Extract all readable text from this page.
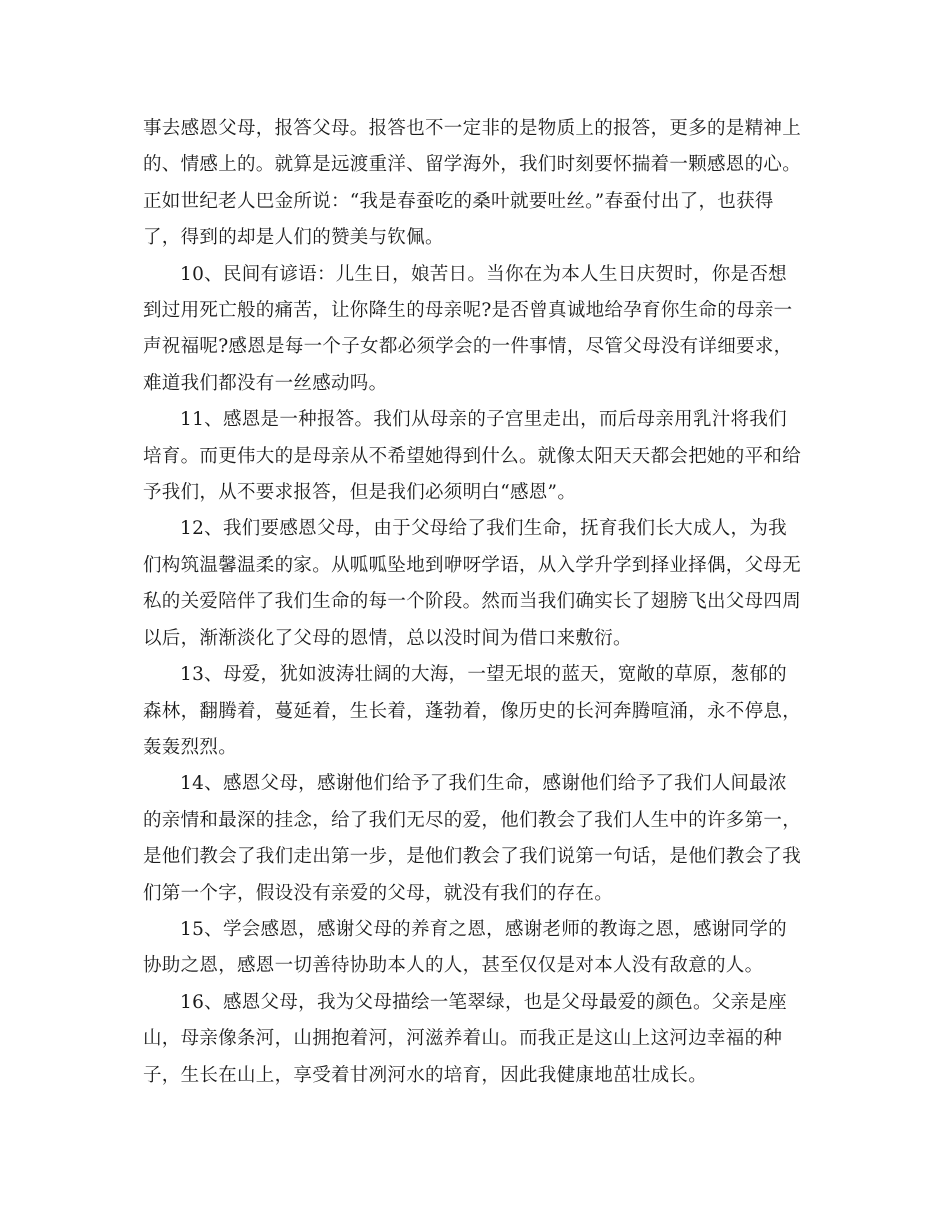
事去感恩父母，报答父母。报答也不一定非的是物质上的报答，更多的是精神上的、情感上的。就算是远渡重洋、留学海外，我们时刻要怀揣着一颗感恩的心。正如世纪老人巴金所说：“我是春蚕吃的桑叶就要吐丝。”春蚕付出了，也获得了，得到的却是人们的赞美与钦佩。

10、民间有谚语：儿生日，娘苦日。当你在为本人生日庆贺时，你是否想到过用死亡般的痛苦，让你降生的母亲呢?是否曾真诚地给孕育你生命的母亲一声祝福呢?感恩是每一个子女都必须学会的一件事情，尽管父母没有详细要求，难道我们都没有一丝感动吗。

11、感恩是一种报答。我们从母亲的子宫里走出，而后母亲用乳汁将我们培育。而更伟大的是母亲从不希望她得到什么。就像太阳天天都会把她的平和给予我们，从不要求报答，但是我们必须明白“感恩”。

12、我们要感恩父母，由于父母给了我们生命，抚育我们长大成人，为我们构筑温馨温柔的家。从呱呱坠地到咿呀学语，从入学升学到择业择偶，父母无私的关爱陪伴了我们生命的每一个阶段。然而当我们确实长了翅膀飞出父母四周以后，渐渐淡化了父母的恩情，总以没时间为借口来敷衍。

13、母爱，犹如波涛壮阔的大海，一望无垠的蓝天，宽敞的草原，葱郁的森林，翻腾着，蔓延着，生长着，蓬勃着，像历史的长河奔腾喧涌，永不停息，轰轰烈烈。

14、感恩父母，感谢他们给予了我们生命，感谢他们给予了我们人间最浓的亲情和最深的挂念，给了我们无尽的爱，他们教会了我们人生中的许多第一，是他们教会了我们走出第一步，是他们教会了我们说第一句话，是他们教会了我们第一个字，假设没有亲爱的父母，就没有我们的存在。

15、学会感恩，感谢父母的养育之恩，感谢老师的教诲之恩，感谢同学的协助之恩，感恩一切善待协助本人的人，甚至仅仅是对本人没有敌意的人。

16、感恩父母，我为父母描绘一笔翠绿，也是父母最爱的颜色。父亲是座山，母亲像条河，山拥抱着河，河滋养着山。而我正是这山上这河边幸福的种子，生长在山上，享受着甘冽河水的培育，因此我健康地茁壮成长。
